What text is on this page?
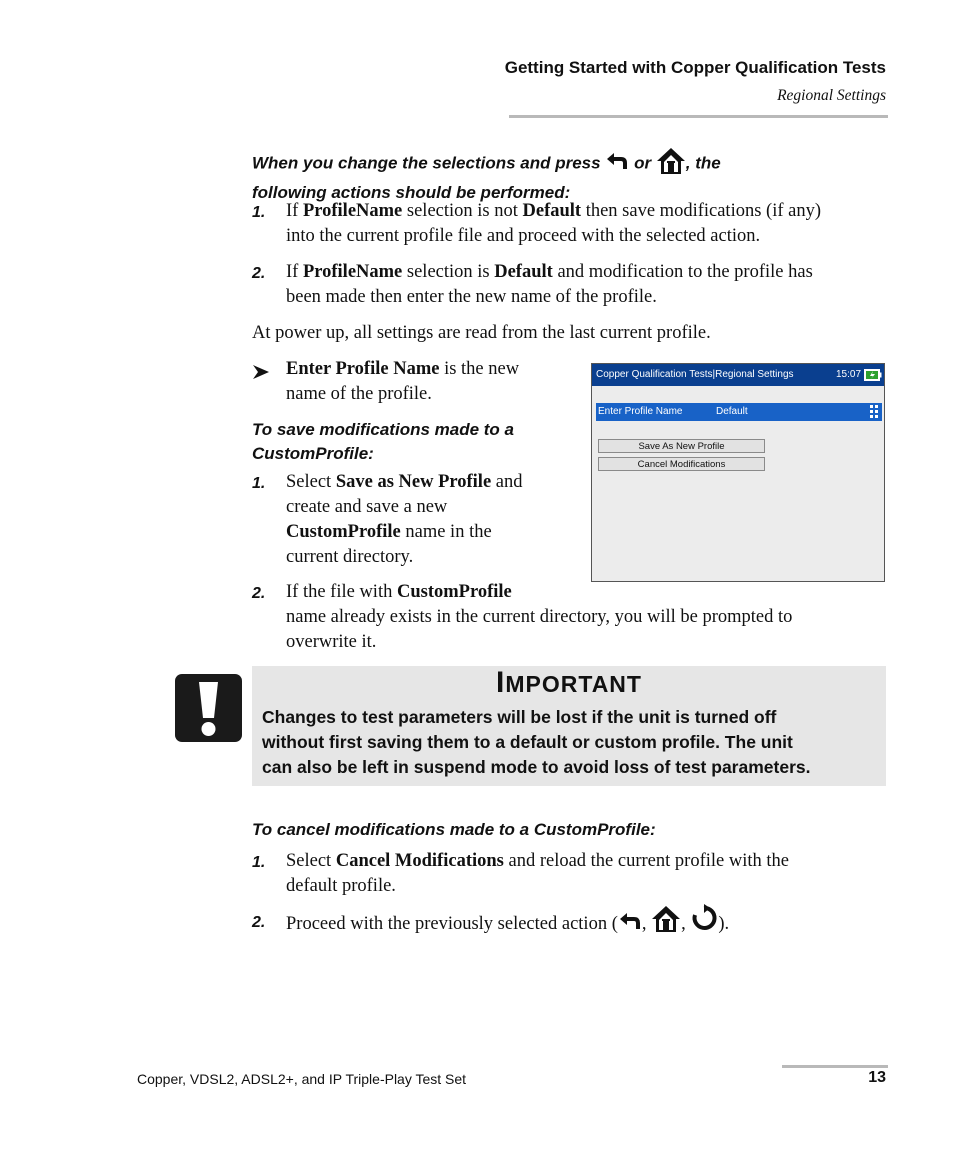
Getting Started with Copper Qualification Tests
Regional Settings
When you change the selections and press or , the
following actions should be performed:
1. If ProfileName selection is not Default then save modifications (if any)
into the current profile file and proceed with the selected action.
2. If ProfileName selection is Default and modification to the profile has
been made then enter the new name of the profile.
At power up, all settings are read from the last current profile.
Enter Profile Name is the new
name of the profile.
To save modifications made to a
CustomProfile:
1. Select Save as New Profile and
create and save a new
CustomProfile name in the
current directory.
2. If the file with CustomProfile
name already exists in the current directory, you will be prompted to
overwrite it.
Copper Qualification Tests|Regional Settings	15:07
Enter Profile Name	Default
Save As New Profile
Cancel Modifications
IMPORTANT
Changes to test parameters will be lost if the unit is turned off
without first saving them to a default or custom profile. The unit
can also be left in suspend mode to avoid loss of test parameters.
To cancel modifications made to a CustomProfile:
1. Select Cancel Modifications and reload the current profile with the
default profile.
2. Proceed with the previously selected action ( , , ).
Copper, VDSL2, ADSL2+, and IP Triple-Play Test Set	13
